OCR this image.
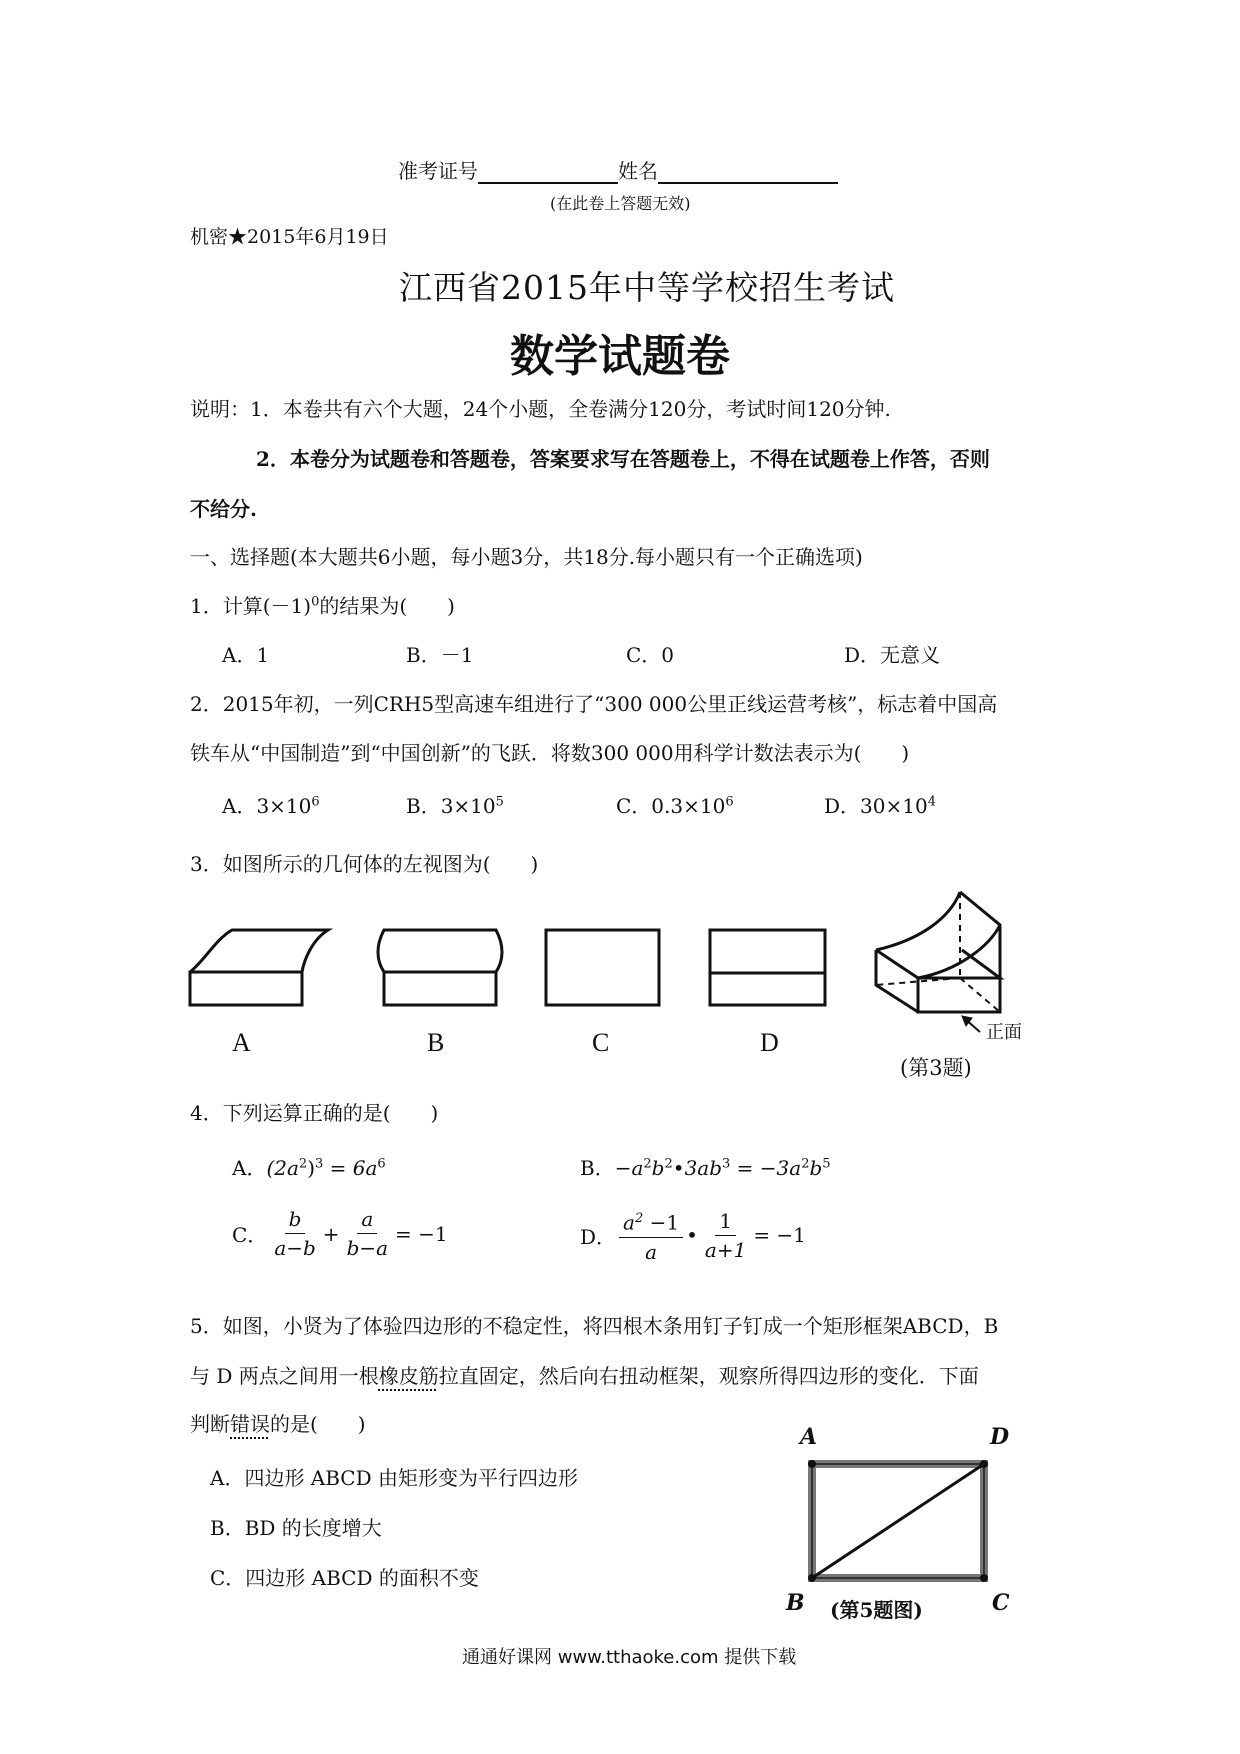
准考证号	姓名
(在此卷上答题无效)
机密★2015年6月19日
江西省2015年中等学校招生考试
数学试题卷
说明：1．本卷共有六个大题，24个小题，全卷满分120分，考试时间120分钟.
2．本卷分为试题卷和答题卷，答案要求写在答题卷上，不得在试题卷上作答，否则
不给分.
一、选择题(本大题共6小题，每小题3分，共18分.每小题只有一个正确选项)
1．计算$(-1)^0$的结果为(　　)
A．1	B．－1	C．0	D．无意义
2．2015年初，一列CRH5型高速车组进行了“300 000公里正线运营考核”，标志着中国高
铁车从“中国制造”到“中国创新”的飞跃．将数300 000用科学计数法表示为(　　)
A．$3\times 10^6$	B．$3\times 10^5$	C．$0.3\times 10^6$	D．$30\times 10^4$
3．如图所示的几何体的左视图为(　　)
A	B	C	D	正面
(第3题)
4．下列运算正确的是(　　)
A．$(2a^2)^3 = 6a^6$	B．$-a^2b^2•3ab^3 = -3a^2b^5$
C． $\frac{b}{a-b} + \frac{a}{b-a} = -1$	D． $\frac{a^2 -1}{a}$ • $\frac{1}{a+1} = -1$
5．如图，小贤为了体验四边形的不稳定性，将四根木条用钉子钉成一个矩形框架ABCD，B
与 D 两点之间用一根橡皮筋拉直固定，然后向右扭动框架，观察所得四边形的变化．下面
判断错误的是(　　)
A．四边形 ABCD 由矩形变为平行四边形
B．BD 的长度增大
C．四边形 ABCD 的面积不变
A	D
B	C
(第5题图)
通通好课网 www.tthaoke.com 提供下载
